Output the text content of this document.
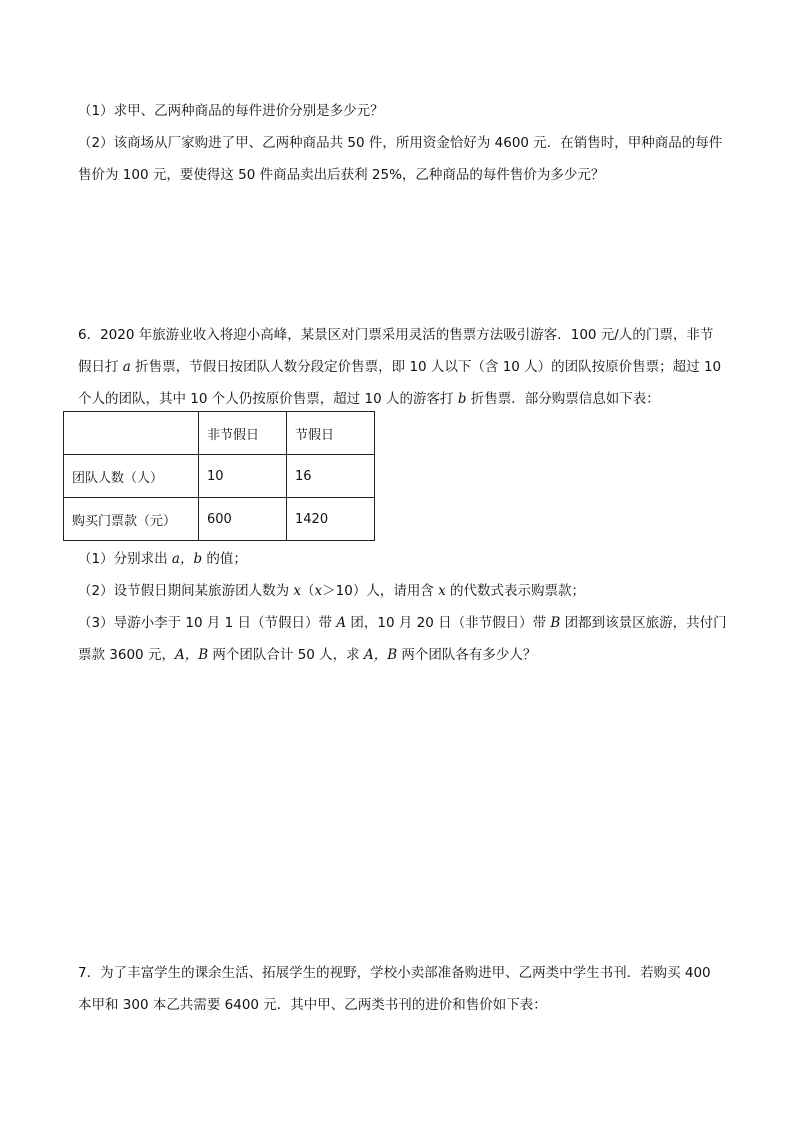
（1）求甲、乙两种商品的每件进价分别是多少元？
（2）该商场从厂家购进了甲、乙两种商品共 50 件，所用资金恰好为 4600 元．在销售时，甲种商品的每件
售价为 100 元，要使得这 50 件商品卖出后获利 25%，乙种商品的每件售价为多少元？
6．2020 年旅游业收入将迎小高峰，某景区对门票采用灵活的售票方法吸引游客．100 元/人的门票，非节
假日打 a 折售票，节假日按团队人数分段定价售票，即 10 人以下（含 10 人）的团队按原价售票；超过 10
个人的团队，其中 10 个人仍按原价售票，超过 10 人的游客打 b 折售票．部分购票信息如下表：
	非节假日	节假日
团队人数（人）	10	16
购买门票款（元）	600	1420
（1）分别求出 a，b 的值；
（2）设节假日期间某旅游团人数为 x（x＞10）人，请用含 x 的代数式表示购票款；
（3）导游小李于 10 月 1 日（节假日）带 A 团，10 月 20 日（非节假日）带 B 团都到该景区旅游，共付门
票款 3600 元，A，B 两个团队合计 50 人，求 A，B 两个团队各有多少人？
7．为了丰富学生的课余生活、拓展学生的视野，学校小卖部准备购进甲、乙两类中学生书刊．若购买 400
本甲和 300 本乙共需要 6400 元．其中甲、乙两类书刊的进价和售价如下表：
